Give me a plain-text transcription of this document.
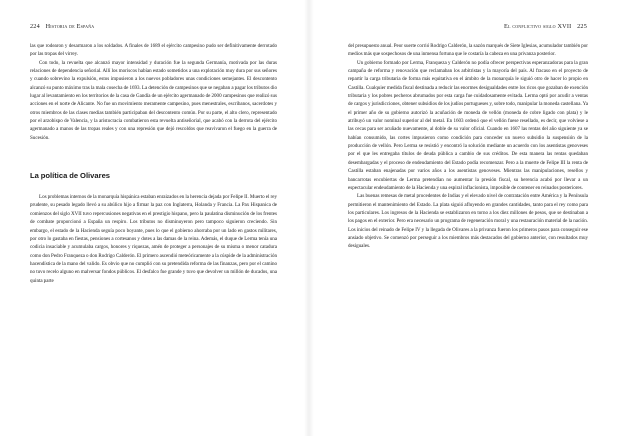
224 Historia de España

las que rodearon y desarmaron a los soldados. A finales de 1689 el ejército campesino pudo ser definitivamente derrotado por las tropas del virrey.

Con todo, la revuelta que alcanzó mayor intensidad y duración fue la segunda Germanía, motivada por las duras relaciones de dependencia señorial. Allí los moriscos habían estado sometidos a una explotación muy dura por sus señores y cuando sobrevino la expulsión, estos impusieron a los nuevos pobladores unas condiciones semejantes. El descontento alcanzó su punto máximo tras la mala cosecha de 1693. La detención de campesinos que se negaban a pagar los tributos dio lugar al levantamiento en los territorios de la casa de Gandía de un ejército agermanado de 2000 campesinos que realizó sus acciones en el norte de Alicante. No fue un movimiento meramente campesino, pues menestrales, escribanos, sacerdotes y otros miembros de las clases medias también participaban del descontento común. Por su parte, el alto clero, representado por el arzobispo de Valencia, y la aristocracia combatieron esta revuelta antiseñorial, que acabó con la derrota del ejército agermanado a manos de las tropas reales y con una represión que dejó rescoldos que reavivaron el fuego en la guerra de Sucesión.

La política de Olivares

Los problemas internos de la monarquía hispánica estaban enraizados en la herencia dejada por Felipe II. Muerto el rey prudente, su pesado legado llevó a su abúlico hijo a firmar la paz con Inglaterra, Holanda y Francia. La Pax Hispanica de comienzos del siglo XVII tuvo repercusiones negativas en el prestigio hispano, pero la paulatina disminución de los frentes de combate proporcionó a España un respiro. Los tributos no disminuyeron pero tampoco siguieron creciendo. Sin embargo, el estado de la Hacienda seguía poco boyante, pues lo que el gobierno ahorraba por un lado en gastos militares, por otro lo gastaba en fiestas, pensiones a cortesanos y dotes a las damas de la reina. Además, el duque de Lerma tenía una codicia insaciable y acumulaba cargos, honores y riquezas, amén de proteger a personajes de su misma o menor catadura como don Pedro Franqueza o don Rodrigo Calderón. El primero ascendió meteóricamente a la cúspide de la administración hacendística de la mano del valido. Es obvio que no cumplió con su pretendida reforma de las finanzas, pero por el camino no tuvo recelo alguno en malversar fondos públicos. El desfalco fue grande y tuvo que devolver un millón de ducados, una quinta parte

El conflictivo siglo XVII 225

del presupuesto anual. Peor suerte corrió Rodrigo Calderón, la sazón marqués de Siete Iglesias, acumulador también por medios más que sospechosos de una inmensa fortuna que le costaría la cabeza en una privanza posterior.

Un gobierno formado por Lerma, Franqueza y Calderón no podía ofrecer perspectivas esperanzadoras para la gran campaña de reforma y renovación que reclamaban los arbitristas y la mayoría del país. Al fracaso en el proyecto de repartir la carga tributaria de forma más equitativa en el ámbito de la monarquía le siguió otro de hacer lo propio en Castilla. Cualquier medida fiscal destinada a reducir las enormes desigualdades entre los ricos que gozaban de exención tributaria y los pobres pecheros abrumados por esta carga fue cuidadosamente evitada. Lerma optó por acudir a ventas de cargos y jurisdicciones, obtener subsidios de los judíos portugueses y, sobre todo, manipular la moneda castellana. Ya el primer año de su gobierno autorizó la acuñación de moneda de vellón (moneda de cobre ligado con plata) y le atribuyó un valor nominal superior al del metal. En 1603 ordenó que el vellón fuese resellado, es decir, que volviese a las cecas para ser acuñado nuevamente, al doble de su valor oficial. Cuando en 1607 las rentas del año siguiente ya se habían consumido, las cortes impusieron como condición para conceder un nuevo subsidio la suspensión de la producción de vellón. Pero Lerma se resistió y encontró la solución mediante un acuerdo con los asentistas genoveses por el que les entregaba títulos de deuda pública a cambio de sus créditos. De esta manera las rentas quedaban desembargadas y el proceso de endeudamiento del Estado podía recomenzar. Pero a la muerte de Felipe III la renta de Castilla estaban enajenadas por varios años a los asentistas genoveses. Mientras las manipulaciones, resellos y bancarrotas encubiertas de Lerma pretendían no aumentar la presión fiscal, su herencia acabó por llevar a un espectacular endeudamiento de la Hacienda y una espiral inflacionista, imposible de contener en reinados posteriores.

Las buenas remesas de metal procedentes de Indias y el elevado nivel de contratación entre América y la Península permitieron el mantenimiento del Estado. La plata siguió afluyendo en grandes cantidades, tanto para el rey como para los particulares. Los ingresos de la Hacienda se establizaron en torno a los diez millones de pesos, que se destinaban a los pagos en el exterior. Pero era necesario un programa de regeneración moral y una restauración material de la nación. Los inicios del reinado de Felipe IV y la llegada de Olivares a la privanza fueron los primeros pasos para conseguir ese ansiado objetivo. Se comenzó por perseguir a los miembros más destacados del gobierno anterior, con resultados muy desiguales.
